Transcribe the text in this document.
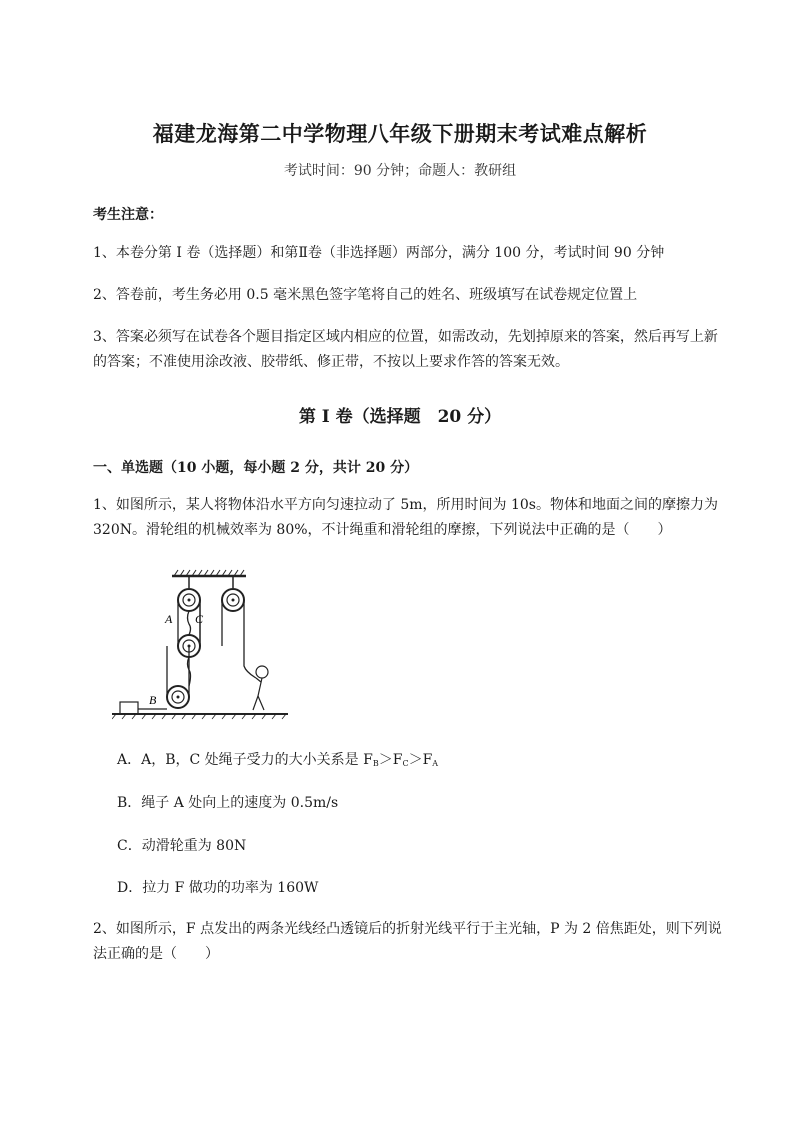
福建龙海第二中学物理八年级下册期末考试难点解析
考试时间：90 分钟；命题人：教研组
考生注意：
1、本卷分第 I 卷（选择题）和第Ⅱ卷（非选择题）两部分，满分 100 分，考试时间 90 分钟
2、答卷前，考生务必用 0.5 毫米黑色签字笔将自己的姓名、班级填写在试卷规定位置上
3、答案必须写在试卷各个题目指定区域内相应的位置，如需改动，先划掉原来的答案，然后再写上新
的答案；不准使用涂改液、胶带纸、修正带，不按以上要求作答的答案无效。
第 I 卷（选择题　20 分）
一、单选题（10 小题，每小题 2 分，共计 20 分）
1、如图所示，某人将物体沿水平方向匀速拉动了 5m，所用时间为 10s。物体和地面之间的摩擦力为
320N。滑轮组的机械效率为 80%，不计绳重和滑轮组的摩擦，下列说法中正确的是（　　）
A C
B
A．A，B，C 处绳子受力的大小关系是 $F_B>F_C>F_A$
B．绳子 A 处向上的速度为 0.5m/s
C．动滑轮重为 80N
D．拉力 F 做功的功率为 160W
2、如图所示，F 点发出的两条光线经凸透镜后的折射光线平行于主光轴，P 为 2 倍焦距处，则下列说
法正确的是（　　）
